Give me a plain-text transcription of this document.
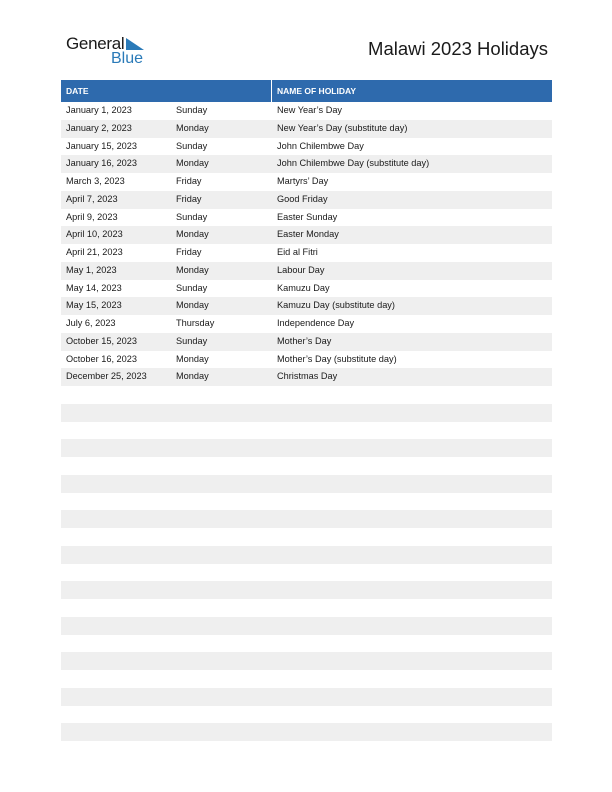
General
Blue	Malawi 2023 Holidays
DATE	NAME OF HOLIDAY
January 1, 2023	Sunday	New Year’s Day
January 2, 2023	Monday	New Year’s Day (substitute day)
January 15, 2023	Sunday	John Chilembwe Day
January 16, 2023	Monday	John Chilembwe Day (substitute day)
March 3, 2023	Friday	Martyrs’ Day
April 7, 2023	Friday	Good Friday
April 9, 2023	Sunday	Easter Sunday
April 10, 2023	Monday	Easter Monday
April 21, 2023	Friday	Eid al Fitri
May 1, 2023	Monday	Labour Day
May 14, 2023	Sunday	Kamuzu Day
May 15, 2023	Monday	Kamuzu Day (substitute day)
July 6, 2023	Thursday	Independence Day
October 15, 2023	Sunday	Mother’s Day
October 16, 2023	Monday	Mother’s Day (substitute day)
December 25, 2023	Monday	Christmas Day
